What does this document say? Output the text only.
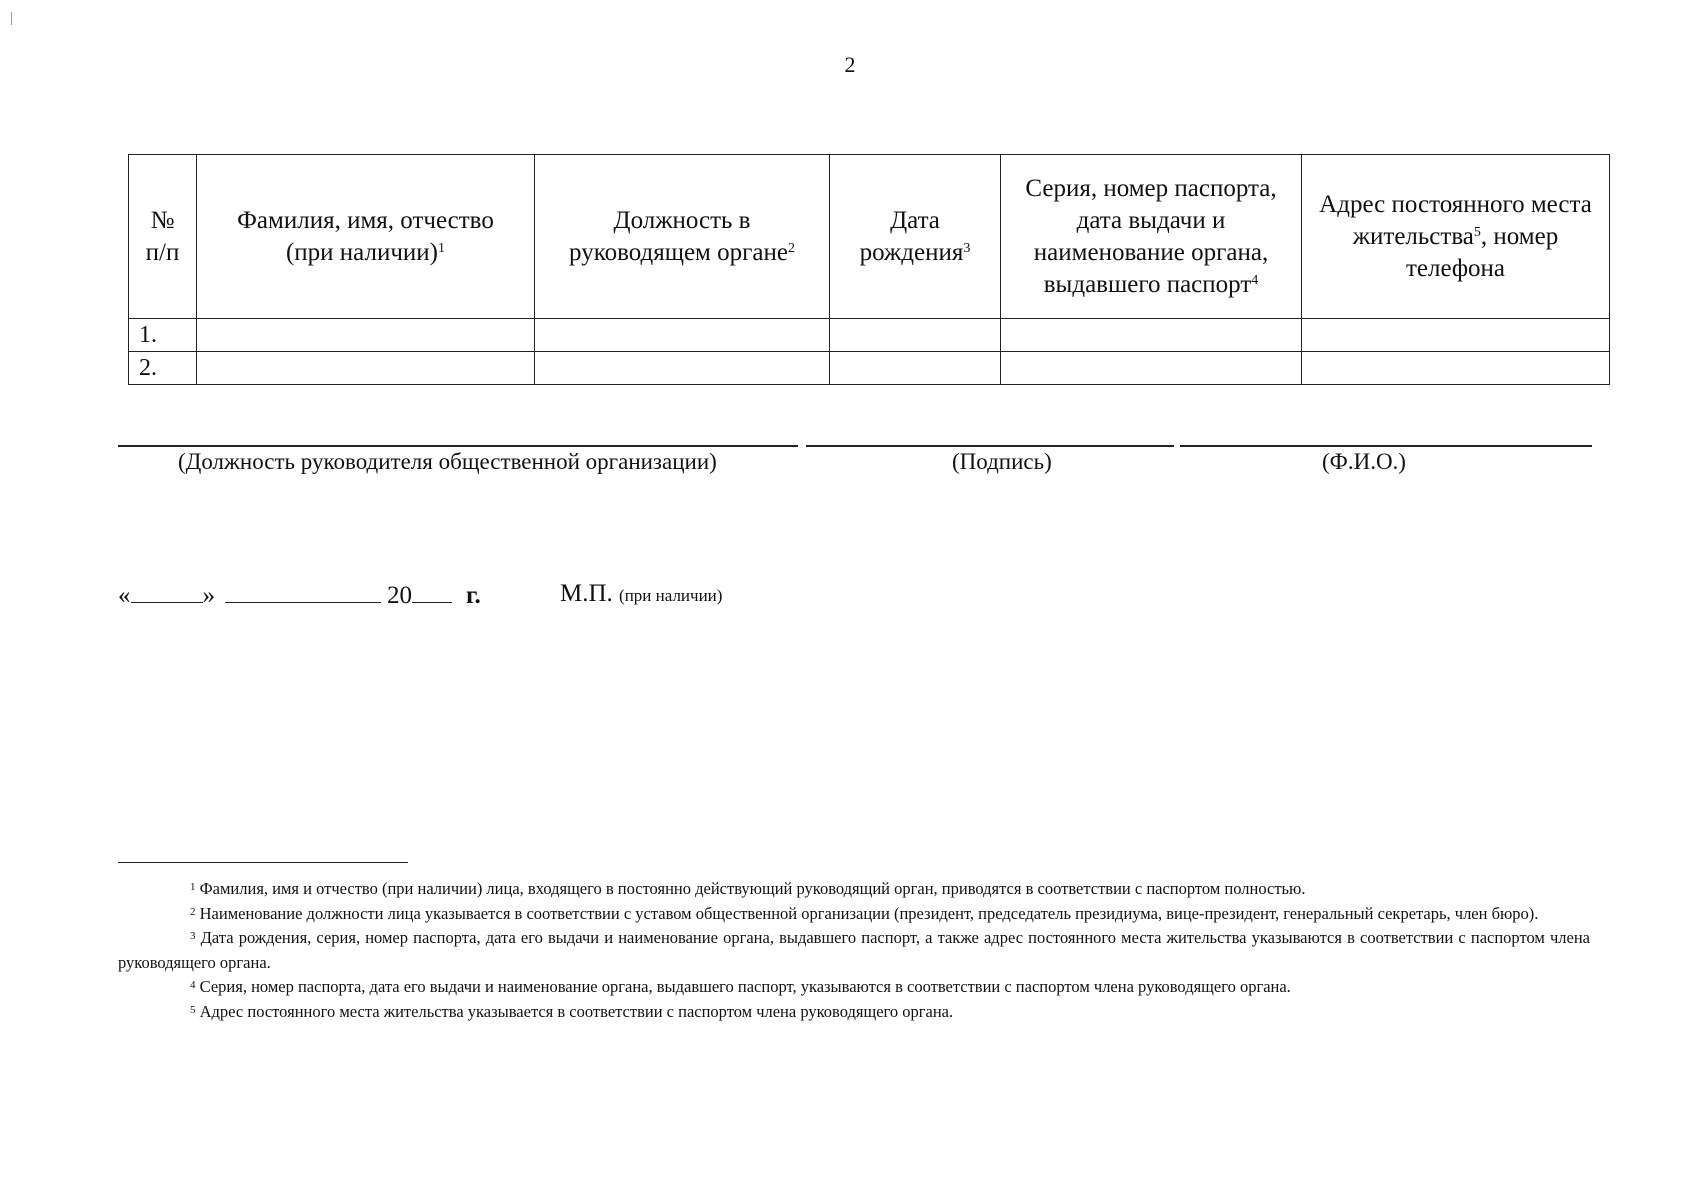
2
№ п/п	Фамилия, имя, отчество (при наличии)$^1$	Должность в руководящем органе$^2$	Дата рождения$^3$	Серия, номер паспорта, дата выдачи и наименование органа, выдавшего паспорт$^4$	Адрес постоянного места жительства$^5$, номер телефона
1.					
2.					
(Должность руководителя общественной организации)	(Подпись)	(Ф.И.О.)
«	»	20 г.	М.П. (при наличии)

$^1$ Фамилия, имя и отчество (при наличии) лица, входящего в постоянно действующий руководящий орган, приводятся в соответствии с паспортом полностью.

$^2$ Наименование должности лица указывается в соответствии с уставом общественной организации (президент, председатель президиума, вице-президент, генеральный секретарь, член бюро).

$^3$ Дата рождения, серия, номер паспорта, дата его выдачи и наименование органа, выдавшего паспорт, а также адрес постоянного места жительства указываются в соответствии с паспортом члена руководящего органа.

$^4$ Серия, номер паспорта, дата его выдачи и наименование органа, выдавшего паспорт, указываются в соответствии с паспортом члена руководящего органа.

$^5$ Адрес постоянного места жительства указывается в соответствии с паспортом члена руководящего органа.
